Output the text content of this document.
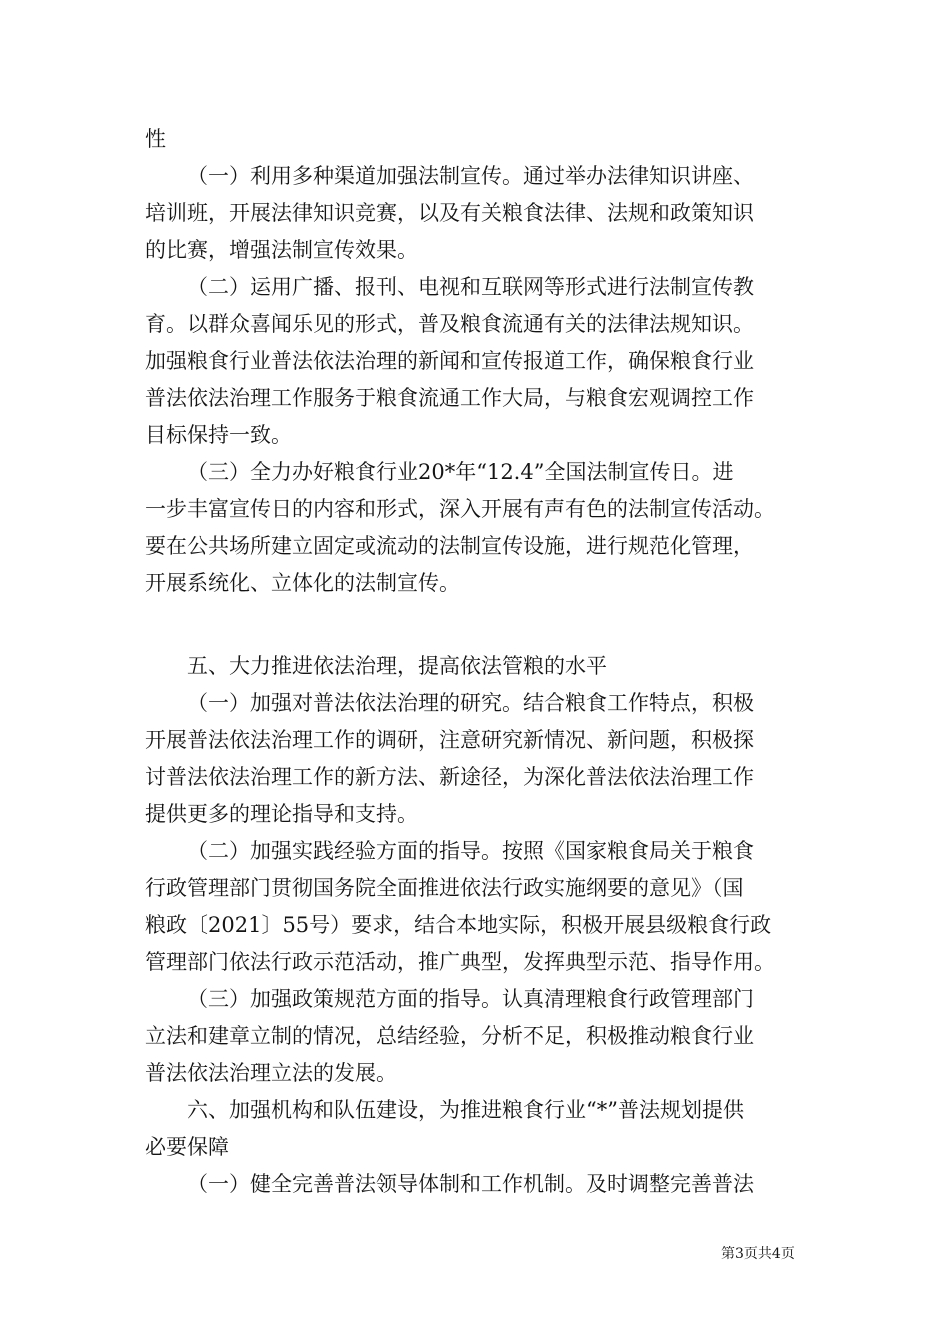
性
（一）利用多种渠道加强法制宣传。通过举办法律知识讲座、
培训班，开展法律知识竞赛，以及有关粮食法律、法规和政策知识
的比赛，增强法制宣传效果。
（二）运用广播、报刊、电视和互联网等形式进行法制宣传教
育。以群众喜闻乐见的形式，普及粮食流通有关的法律法规知识。
加强粮食行业普法依法治理的新闻和宣传报道工作，确保粮食行业
普法依法治理工作服务于粮食流通工作大局，与粮食宏观调控工作
目标保持一致。
（三）全力办好粮食行业20*年“12.4”全国法制宣传日。进
一步丰富宣传日的内容和形式，深入开展有声有色的法制宣传活动。
要在公共场所建立固定或流动的法制宣传设施，进行规范化管理，
开展系统化、立体化的法制宣传。
五、大力推进依法治理，提高依法管粮的水平
（一）加强对普法依法治理的研究。结合粮食工作特点，积极
开展普法依法治理工作的调研，注意研究新情况、新问题，积极探
讨普法依法治理工作的新方法、新途径，为深化普法依法治理工作
提供更多的理论指导和支持。
（二）加强实践经验方面的指导。按照《国家粮食局关于粮食
行政管理部门贯彻国务院全面推进依法行政实施纲要的意见》（国
粮政〔2021〕55号）要求，结合本地实际，积极开展县级粮食行政
管理部门依法行政示范活动，推广典型，发挥典型示范、指导作用。
（三）加强政策规范方面的指导。认真清理粮食行政管理部门
立法和建章立制的情况，总结经验，分析不足，积极推动粮食行业
普法依法治理立法的发展。
六、加强机构和队伍建设，为推进粮食行业“*”普法规划提供
必要保障
（一）健全完善普法领导体制和工作机制。及时调整完善普法
第3页共4页
